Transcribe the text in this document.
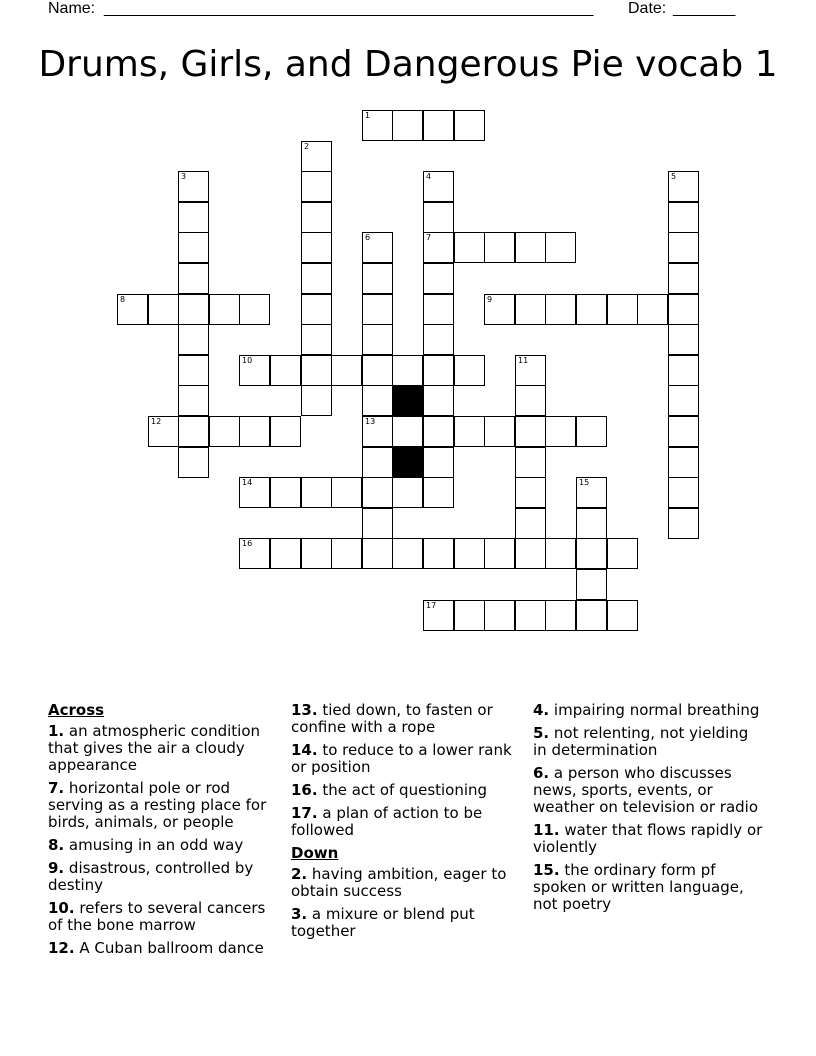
Name: _______________________________________________________ Date: _______
Drums, Girls, and Dangerous Pie vocab 1
1
2
3	4
7
5
6
13
8	9
10	11
12
14	15
16
17
Across
1. an atmospheric condition that gives the air a cloudy appearance
7. horizontal pole or rod serving as a resting place for birds, animals, or people
8. amusing in an odd way
9. disastrous, controlled by destiny
10. refers to several cancers of the bone marrow
12. A Cuban ballroom dance
13. tied down, to fasten or confine with a rope
14. to reduce to a lower rank or position
16. the act of questioning
17. a plan of action to be followed
Down
2. having ambition, eager to obtain success
3. a mixure or blend put together
4. impairing normal breathing
5. not relenting, not yielding in determination
6. a person who discusses news, sports, events, or weather on television or radio
11. water that flows rapidly or violently
15. the ordinary form pf spoken or written language, not poetry
